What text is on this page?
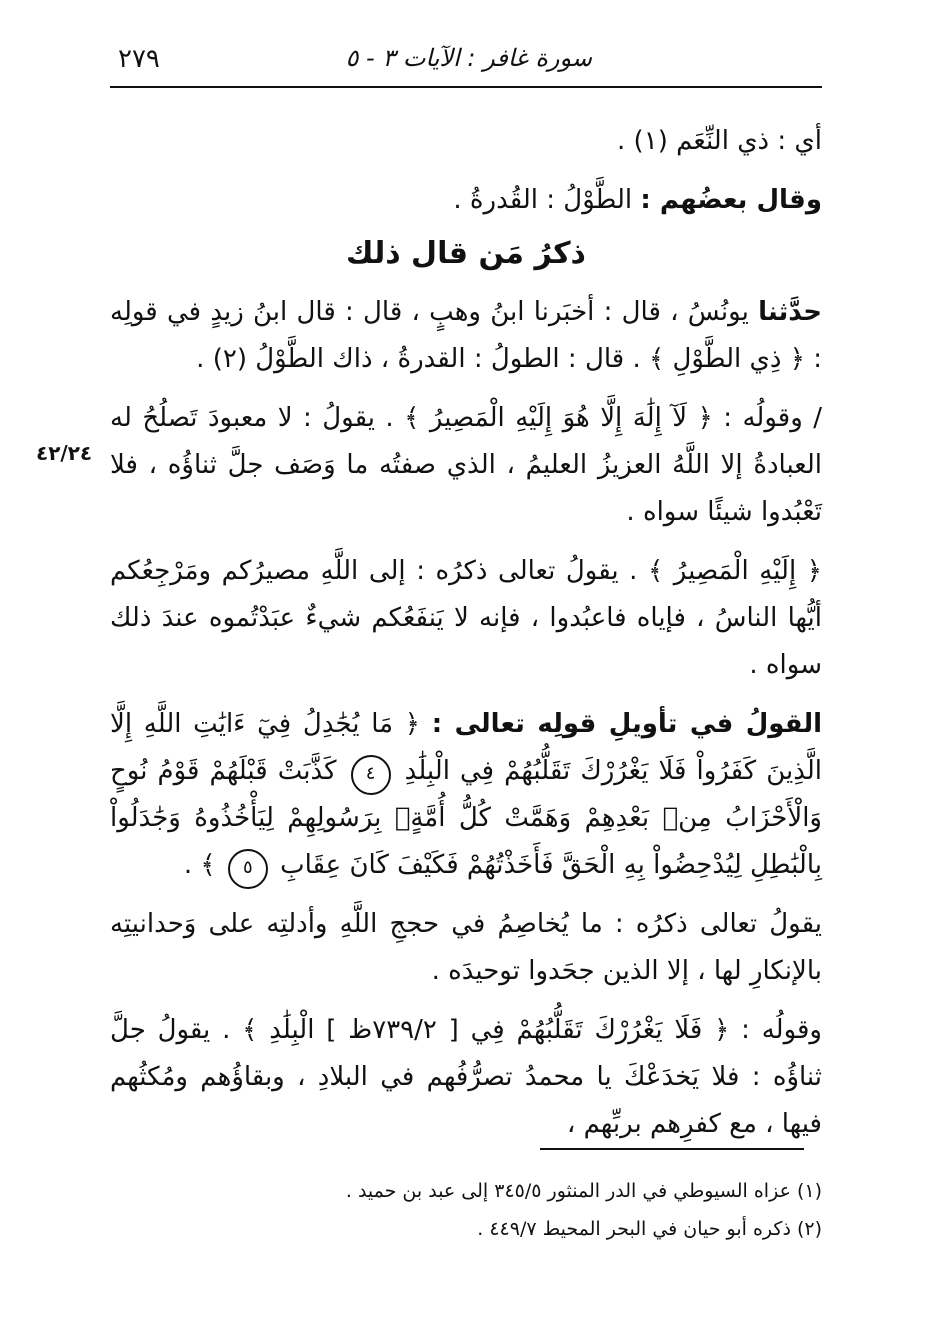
٢٧٩	سورة غافر : الآيات ٣ - ٥
٤٢/٢٤

أي : ذي النِّعَم (١) .

وقال بعضُهم : الطَّوْلُ : القُدرةُ .

ذكرُ مَن قال ذلك

حدَّثنا يونُسُ ، قال : أخبَرنا ابنُ وهبٍ ، قال : قال ابنُ زيدٍ في قولِه : ﴿ ذِي الطَّوْلِ ﴾ . قال : الطولُ : القدرةُ ، ذاك الطَّوْلُ (٢) .

/ وقولُه : ﴿ لَآ إِلَٰهَ إِلَّا هُوَ إِلَيْهِ الْمَصِيرُ ﴾ . يقولُ : لا معبودَ تَصلُحُ له العبادةُ إلا اللَّهُ العزيزُ العليمُ ، الذي صفتُه ما وَصَف جلَّ ثناؤُه ، فلا تَعْبُدوا شيئًا سواه .

﴿ إِلَيْهِ الْمَصِيرُ ﴾ . يقولُ تعالى ذكرُه : إلى اللَّهِ مصيرُكم ومَرْجِعُكم أيُّها الناسُ ، فإياه فاعبُدوا ، فإنه لا يَنفَعُكم شيءٌ عبَدْتُموه عندَ ذلك سواه .

القولُ في تأويلِ قولِه تعالى : ﴿ مَا يُجَٰدِلُ فِيٓ ءَايَٰتِ اللَّهِ إِلَّا الَّذِينَ كَفَرُواْ فَلَا يَغْرُرْكَ تَقَلُّبُهُمْ فِي الْبِلَٰدِ ٤ كَذَّبَتْ قَبْلَهُمْ قَوْمُ نُوحٍ وَالْأَحْزَابُ مِنۢ بَعْدِهِمْ وَهَمَّتْ كُلُّ أُمَّةٍۭ بِرَسُولِهِمْ لِيَأْخُذُوهُ وَجَٰدَلُواْ بِالْبَٰطِلِ لِيُدْحِضُواْ بِهِ الْحَقَّ فَأَخَذْتُهُمْ فَكَيْفَ كَانَ عِقَابِ ٥ ﴾ .

يقولُ تعالى ذكرُه : ما يُخاصِمُ في حججِ اللَّهِ وأدلتِه على وَحدانيتِه بالإنكارِ لها ، إلا الذين جحَدوا توحيدَه .

وقولُه : ﴿ فَلَا يَغْرُرْكَ تَقَلُّبُهُمْ فِي [ ٧٣٩/٢ظ ] الْبِلَٰدِ ﴾ . يقولُ جلَّ ثناؤُه : فلا يَخدَعْكَ يا محمدُ تصرُّفُهم في البلادِ ، وبقاؤُهم ومُكثُهم فيها ، مع كفرِهم بربِّهم ،

(١) عزاه السيوطي في الدر المنثور ٣٤٥/٥ إلى عبد بن حميد .
(٢) ذكره أبو حيان في البحر المحيط ٤٤٩/٧ .
